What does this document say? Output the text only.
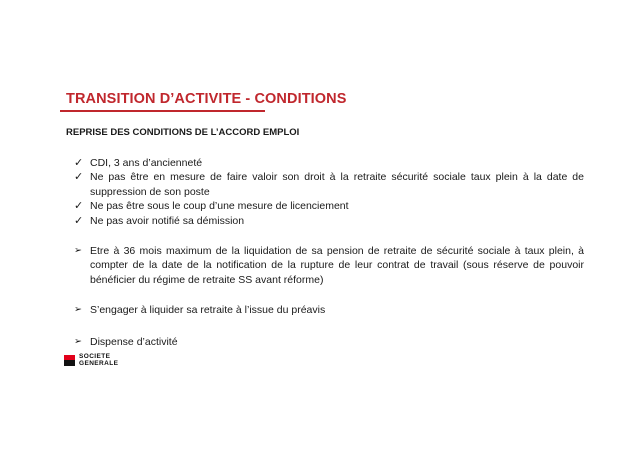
TRANSITION D’ACTIVITE - CONDITIONS
REPRISE DES CONDITIONS DE L’ACCORD EMPLOI
✓ CDI, 3 ans d’ancienneté
✓ Ne pas être en mesure de faire valoir son droit à la retraite sécurité sociale taux plein à la date de suppression de son poste
✓ Ne pas être sous le coup d’une mesure de licenciement
✓ Ne pas avoir notifié sa démission
➢ Etre à 36 mois maximum de la liquidation de sa pension de retraite de sécurité sociale à taux plein, à compter de la date de la notification de la rupture de leur contrat de travail (sous réserve de pouvoir bénéficier du régime de retraite SS avant réforme)
➢ S’engager à liquider sa retraite à l’issue du préavis
➢ Dispense d’activité
SOCIETE
GENERALE
